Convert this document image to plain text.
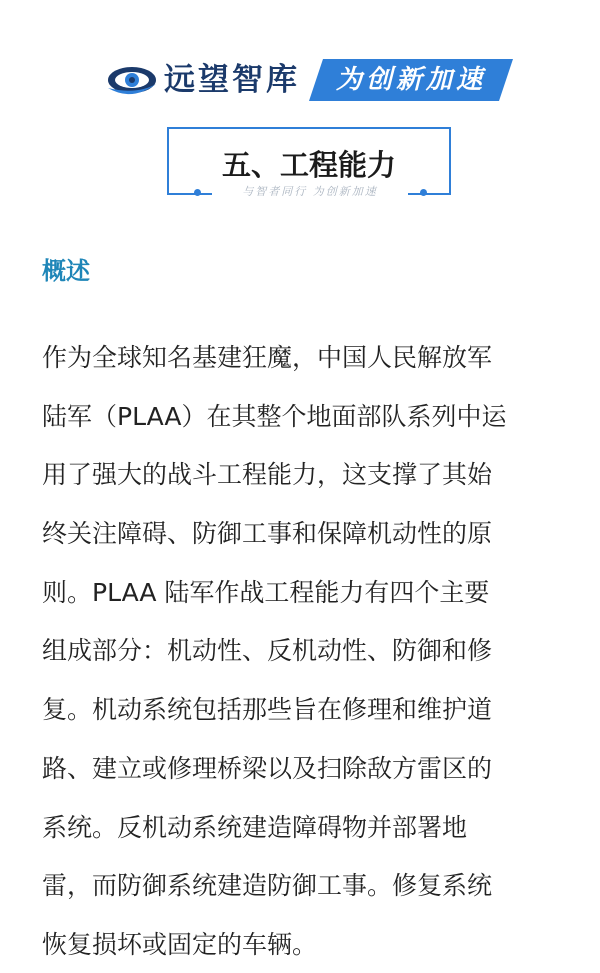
远望智库	为创新加速
五、工程能力
与智者同行 为创新加速
概述
作为全球知名基建狂魔，中国人民解放军
陆军（PLAA）在其整个地面部队系列中运
用了强大的战斗工程能力，这支撑了其始
终关注障碍、防御工事和保障机动性的原
则。PLAA 陆军作战工程能力有四个主要
组成部分：机动性、反机动性、防御和修
复。机动系统包括那些旨在修理和维护道
路、建立或修理桥梁以及扫除敌方雷区的
系统。反机动系统建造障碍物并部署地
雷，而防御系统建造防御工事。修复系统
恢复损坏或固定的车辆。
